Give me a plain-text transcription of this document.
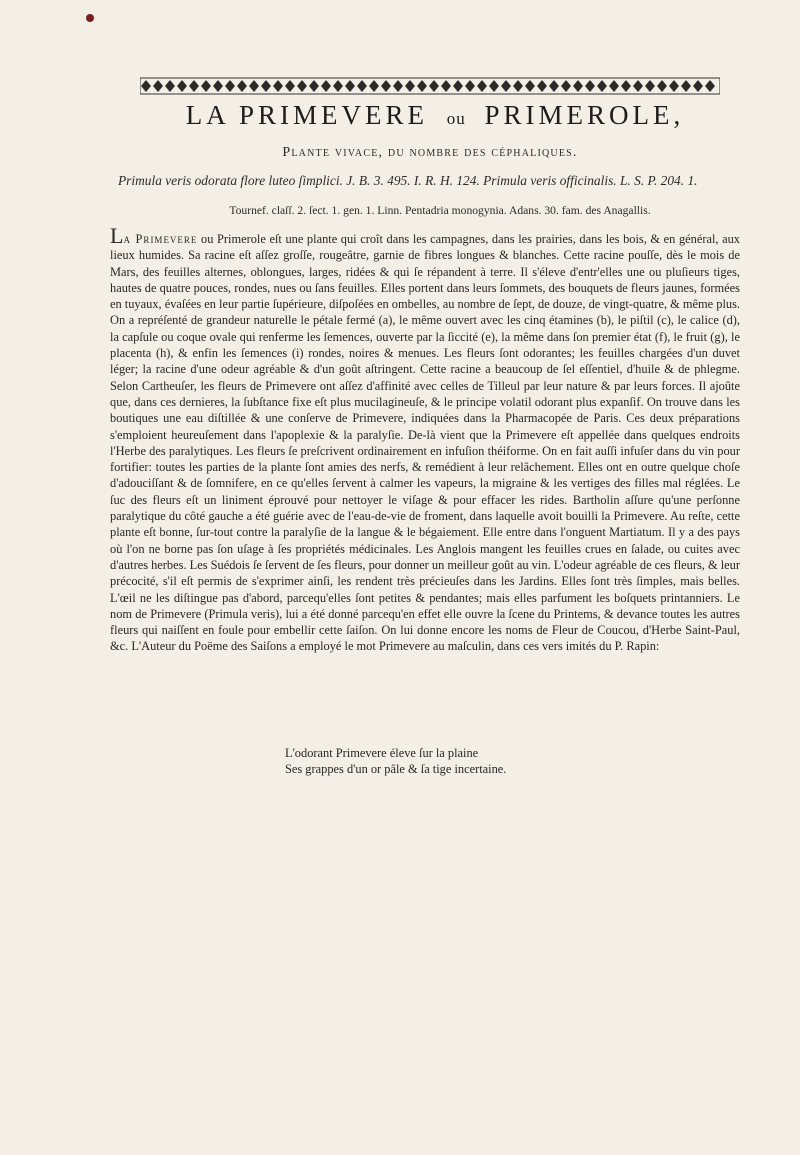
LA PRIMEVERE ou PRIMEROLE,
Plante vivace, du nombre des céphaliques.
Primula veris odorata flore luteo ſimplici. J. B. 3. 495. I. R. H. 124. Primula veris officinalis. L. S. P. 204. 1.
Tournef. claſſ. 2. ſect. 1. gen. 1. Linn. Pentadria monogynia. Adans. 30. fam. des Anagallis.
La Primevere ou Primerole eſt une plante qui croît dans les campagnes, dans les prairies, dans les bois, & en général, aux lieux humides. Sa racine eſt aſſez groſſe, rougeâtre, garnie de fibres longues & blanches. Cette racine pouſſe, dès le mois de Mars, des feuilles alternes, oblongues, larges, ridées & qui ſe répandent à terre. Il s'éleve d'entr'elles une ou pluſieurs tiges, hautes de quatre pouces, rondes, nues ou ſans feuilles. Elles portent dans leurs ſommets, des bouquets de fleurs jaunes, formées en tuyaux, évaſées en leur partie ſupérieure, diſpoſées en ombelles, au nombre de ſept, de douze, de vingt-quatre, & même plus. On a repréſenté de grandeur naturelle le pétale fermé (a), le même ouvert avec les cinq étamines (b), le piſtil (c), le calice (d), la capſule ou coque ovale qui renferme les ſemences, ouverte par la ſiccité (e), la même dans ſon premier état (f), le fruit (g), le placenta (h), & enfin les ſemences (i) rondes, noires & menues. Les fleurs ſont odorantes; les feuilles chargées d'un duvet léger; la racine d'une odeur agréable & d'un goût aſtringent. Cette racine a beaucoup de ſel eſſentiel, d'huile & de phlegme. Selon Cartheuſer, les fleurs de Primevere ont aſſez d'affinité avec celles de Tilleul par leur nature & par leurs forces. Il ajoûte que, dans ces dernieres, la ſubſtance fixe eſt plus mucilagineuſe, & le principe volatil odorant plus expanſif. On trouve dans les boutiques une eau diſtillée & une conſerve de Primevere, indiquées dans la Pharmacopée de Paris. Ces deux préparations s'emploient heureuſement dans l'apoplexie & la paralyſie. De-là vient que la Primevere eſt appellée dans quelques endroits l'Herbe des paralytiques. Les fleurs ſe preſcrivent ordinairement en infuſion théiforme. On en fait auſſi infuſer dans du vin pour fortifier: toutes les parties de la plante ſont amies des nerfs, & remédient à leur relâchement. Elles ont en outre quelque choſe d'adouciſſant & de ſomnifere, en ce qu'elles ſervent à calmer les vapeurs, la migraine & les vertiges des filles mal réglées. Le ſuc des fleurs eſt un liniment éprouvé pour nettoyer le viſage & pour effacer les rides. Bartholin aſſure qu'une perſonne paralytique du côté gauche a été guérie avec de l'eau-de-vie de froment, dans laquelle avoit bouilli la Primevere. Au reſte, cette plante eſt bonne, ſur-tout contre la paralyſie de la langue & le bégaiement. Elle entre dans l'onguent Martiatum. Il y a des pays où l'on ne borne pas ſon uſage à ſes propriétés médicinales. Les Anglois mangent les feuilles crues en ſalade, ou cuites avec d'autres herbes. Les Suédois ſe ſervent de ſes fleurs, pour donner un meilleur goût au vin. L'odeur agréable de ces fleurs, & leur précocité, s'il eſt permis de s'exprimer ainſi, les rendent très précieuſes dans les Jardins. Elles ſont très ſimples, mais belles. L'œil ne les diſtingue pas d'abord, parcequ'elles ſont petites & pendantes; mais elles parfument les boſquets printanniers. Le nom de Primevere (Primula veris), lui a été donné parcequ'en effet elle ouvre la ſcene du Printems, & devance toutes les autres fleurs qui naiſſent en foule pour embellir cette ſaiſon. On lui donne encore les noms de Fleur de Coucou, d'Herbe Saint-Paul, &c. L'Auteur du Poëme des Saiſons a employé le mot Primevere au maſculin, dans ces vers imités du P. Rapin:
L'odorant Primevere éleve ſur la plaine
Ses grappes d'un or pâle & ſa tige incertaine.
